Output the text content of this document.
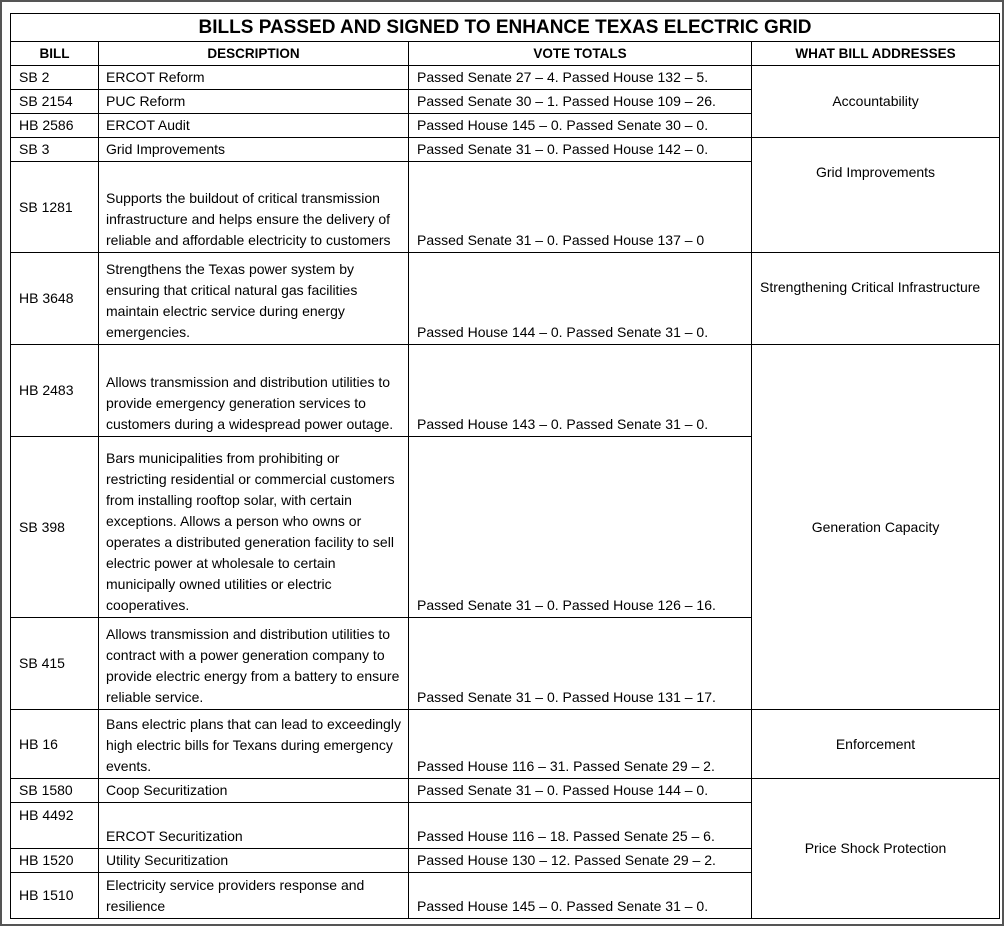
BILLS PASSED AND SIGNED TO ENHANCE TEXAS ELECTRIC GRID			
BILL	DESCRIPTION	VOTE TOTALS	WHAT BILL ADDRESSES
SB 2	ERCOT Reform	Passed Senate 27 – 4. Passed House 132 – 5.	Accountability
SB 2154	PUC Reform	Passed Senate 30 – 1. Passed House 109 – 26.	
HB 2586	ERCOT Audit	Passed House 145 – 0. Passed Senate 30 – 0.	
SB 3	Grid Improvements	Passed Senate 31 – 0. Passed House 142 – 0.	Grid Improvements
SB 1281	Supports the buildout of critical transmission infrastructure and helps ensure the delivery of reliable and affordable electricity to customers	Passed Senate 31 – 0. Passed House 137 – 0	
HB 3648	Strengthens the Texas power system by ensuring that critical natural gas facilities maintain electric service during energy emergencies.	Passed House 144 – 0. Passed Senate 31 – 0.	Strengthening Critical Infrastructure
HB 2483	Allows transmission and distribution utilities to provide emergency generation services to customers during a widespread power outage.	Passed House 143 – 0. Passed Senate 31 – 0.	Generation Capacity
SB 398	Bars municipalities from prohibiting or restricting residential or commercial customers from installing rooftop solar, with certain exceptions. Allows a person who owns or operates a distributed generation facility to sell electric power at wholesale to certain municipally owned utilities or electric cooperatives.	Passed Senate 31 – 0. Passed House 126 – 16.	
SB 415	Allows transmission and distribution utilities to contract with a power generation company to provide electric energy from a battery to ensure reliable service.	Passed Senate 31 – 0. Passed House 131 – 17.	
HB 16	Bans electric plans that can lead to exceedingly high electric bills for Texans during emergency events.	Passed House 116 – 31. Passed Senate 29 – 2.	Enforcement
SB 1580	Coop Securitization	Passed Senate 31 – 0. Passed House 144 – 0.	Price Shock Protection
HB 4492	ERCOT Securitization	Passed House 116 – 18. Passed Senate 25 – 6.	
HB 1520	Utility Securitization	Passed House 130 – 12. Passed Senate 29 – 2.	
HB 1510	Electricity service providers response and resilience	Passed House 145 – 0. Passed Senate 31 – 0.	
